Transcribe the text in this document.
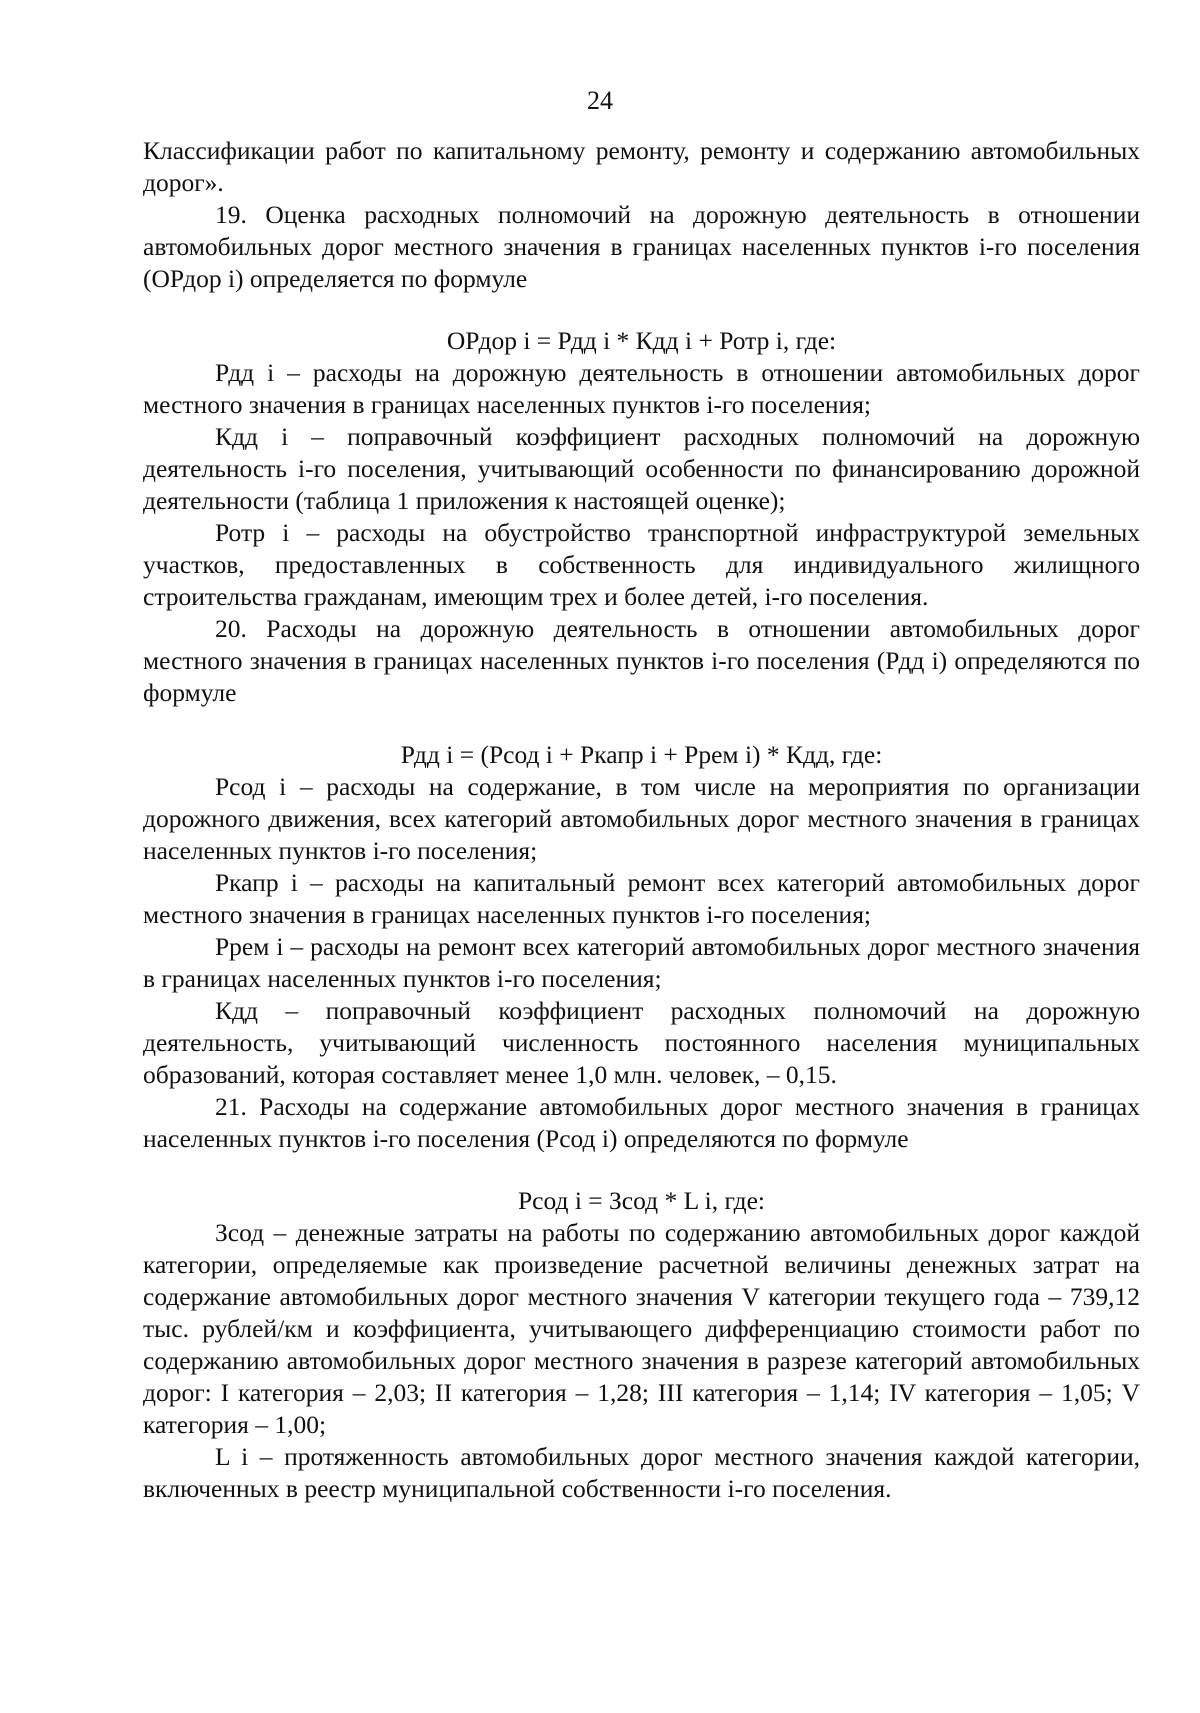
24

Классификации работ по капитальному ремонту, ремонту и содержанию автомобильных дорог».

19. Оценка расходных полномочий на дорожную деятельность в отношении автомобильных дорог местного значения в границах населенных пунктов i-го поселения (ОРдор i) определяется по формуле

ОРдор i = Рдд i * Кдд i + Ротр i, где:

Рдд i – расходы на дорожную деятельность в отношении автомобильных дорог местного значения в границах населенных пунктов i-го поселения;

Кдд i – поправочный коэффициент расходных полномочий на дорожную деятельность i-го поселения, учитывающий особенности по финансированию дорожной деятельности (таблица 1 приложения к настоящей оценке);

Ротр i – расходы на обустройство транспортной инфраструктурой земельных участков, предоставленных в собственность для индивидуального жилищного строительства гражданам, имеющим трех и более детей, i-го поселения.

20. Расходы на дорожную деятельность в отношении автомобильных дорог местного значения в границах населенных пунктов i-го поселения (Рдд i) определяются по формуле

Рдд i = (Рсод i + Ркапр i + Ррем i) * Кдд, где:

Рсод i – расходы на содержание, в том числе на мероприятия по организации дорожного движения, всех категорий автомобильных дорог местного значения в границах населенных пунктов i-го поселения;

Ркапр i – расходы на капитальный ремонт всех категорий автомобильных дорог местного значения в границах населенных пунктов i-го поселения;

Ррем i – расходы на ремонт всех категорий автомобильных дорог местного значения в границах населенных пунктов i-го поселения;

Кдд – поправочный коэффициент расходных полномочий на дорожную деятельность, учитывающий численность постоянного населения муниципальных образований, которая составляет менее 1,0 млн. человек, – 0,15.

21. Расходы на содержание автомобильных дорог местного значения в границах населенных пунктов i-го поселения (Рсод i) определяются по формуле

Рсод i = Зсод * L i, где:

Зсод – денежные затраты на работы по содержанию автомобильных дорог каждой категории, определяемые как произведение расчетной величины денежных затрат на содержание автомобильных дорог местного значения V категории текущего года – 739,12 тыс. рублей/км и коэффициента, учитывающего дифференциацию стоимости работ по содержанию автомобильных дорог местного значения в разрезе категорий автомобильных дорог: I категория – 2,03; II категория – 1,28; III категория – 1,14; IV категория – 1,05; V категория – 1,00;

L i – протяженность автомобильных дорог местного значения каждой категории, включенных в реестр муниципальной собственности i-го поселения.
